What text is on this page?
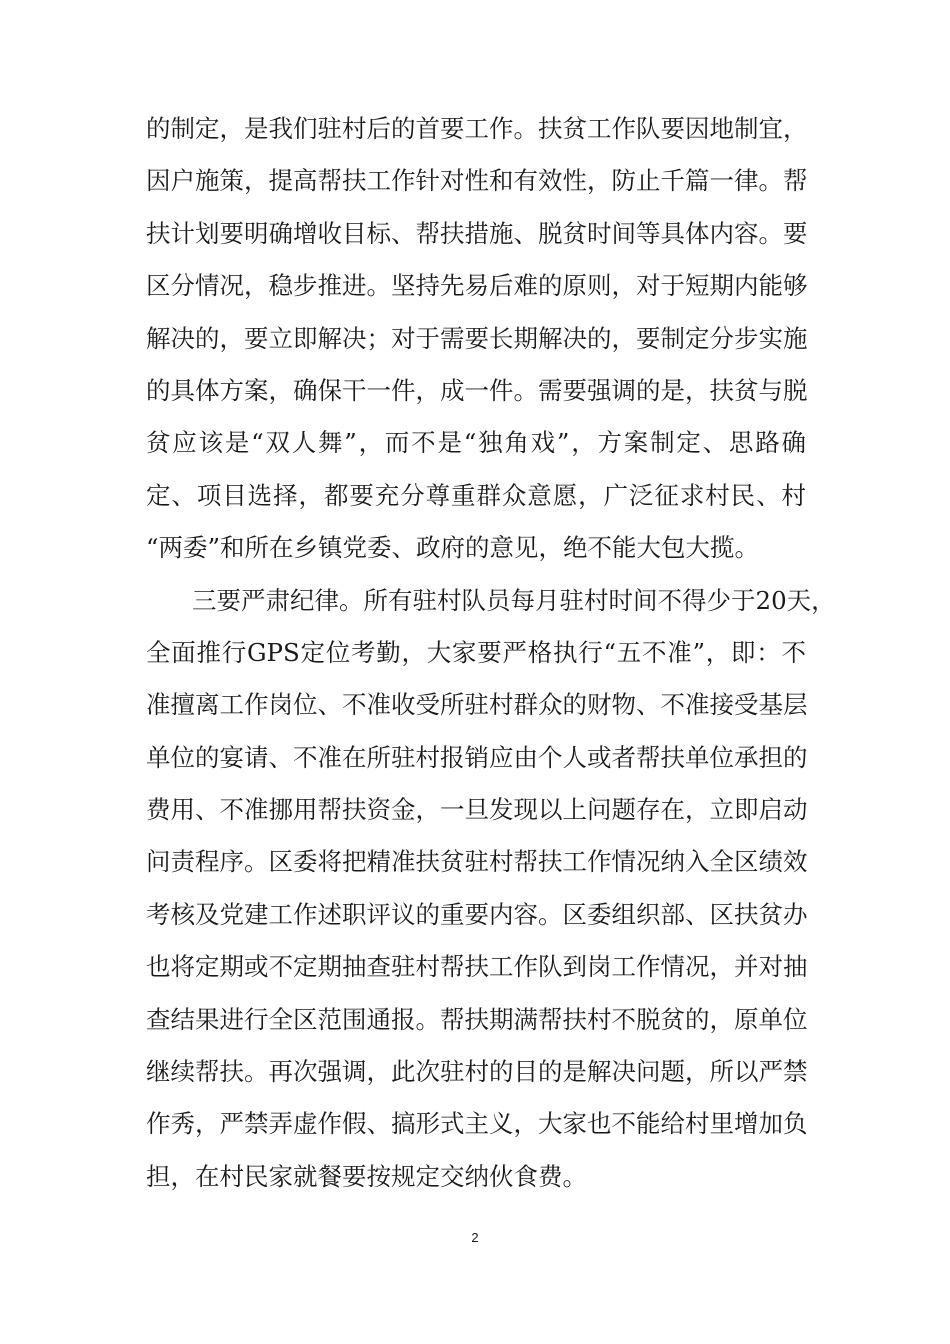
的制定，是我们驻村后的首要工作。扶贫工作队要因地制宜，
因户施策，提高帮扶工作针对性和有效性，防止千篇一律。帮
扶计划要明确增收目标、帮扶措施、脱贫时间等具体内容。要
区分情况，稳步推进。坚持先易后难的原则，对于短期内能够
解决的，要立即解决；对于需要长期解决的，要制定分步实施
的具体方案，确保干一件，成一件。需要强调的是，扶贫与脱
贫应该是“双人舞”，而不是“独角戏”，方案制定、思路确
定、项目选择，都要充分尊重群众意愿，广泛征求村民、村
“两委”和所在乡镇党委、政府的意见，绝不能大包大揽。
三要严肃纪律。所有驻村队员每月驻村时间不得少于20天，
全面推行GPS定位考勤，大家要严格执行“五不准”，即：不
准擅离工作岗位、不准收受所驻村群众的财物、不准接受基层
单位的宴请、不准在所驻村报销应由个人或者帮扶单位承担的
费用、不准挪用帮扶资金，一旦发现以上问题存在，立即启动
问责程序。区委将把精准扶贫驻村帮扶工作情况纳入全区绩效
考核及党建工作述职评议的重要内容。区委组织部、区扶贫办
也将定期或不定期抽查驻村帮扶工作队到岗工作情况，并对抽
查结果进行全区范围通报。帮扶期满帮扶村不脱贫的，原单位
继续帮扶。再次强调，此次驻村的目的是解决问题，所以严禁
作秀，严禁弄虚作假、搞形式主义，大家也不能给村里增加负
担，在村民家就餐要按规定交纳伙食费。
2
